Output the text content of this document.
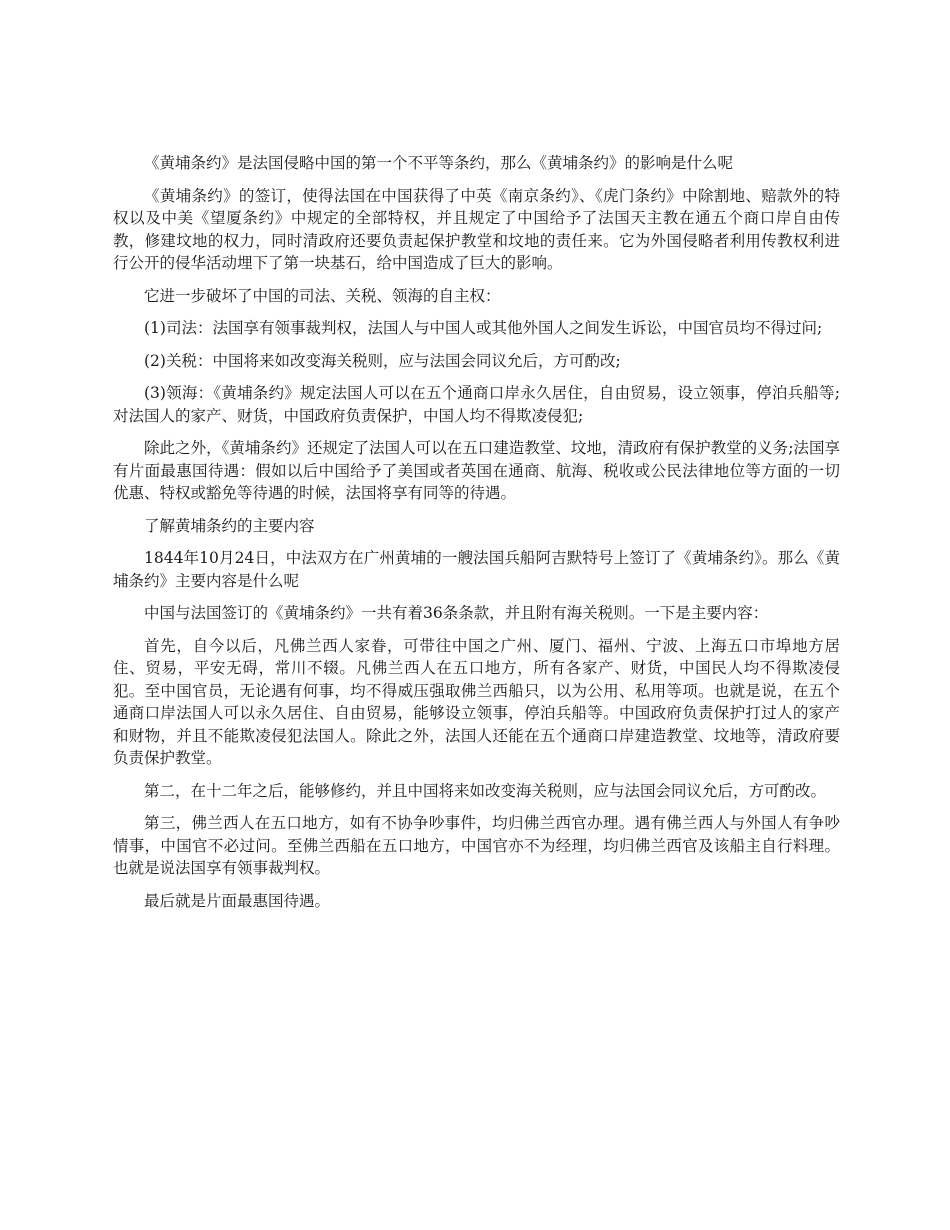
《黄埔条约》是法国侵略中国的第一个不平等条约，那么《黄埔条约》的影响是什么呢

《黄埔条约》的签订，使得法国在中国获得了中英《南京条约》、《虎门条约》中除割地、赔款外的特权以及中美《望厦条约》中规定的全部特权，并且规定了中国给予了法国天主教在通五个商口岸自由传教，修建坟地的权力，同时清政府还要负责起保护教堂和坟地的责任来。它为外国侵略者利用传教权利进行公开的侵华活动埋下了第一块基石，给中国造成了巨大的影响。

它进一步破坏了中国的司法、关税、领海的自主权：

(1)司法：法国享有领事裁判权，法国人与中国人或其他外国人之间发生诉讼，中国官员均不得过问;

(2)关税：中国将来如改变海关税则，应与法国会同议允后，方可酌改;

(3)领海：《黄埔条约》规定法国人可以在五个通商口岸永久居住，自由贸易，设立领事，停泊兵船等;对法国人的家产、财货，中国政府负责保护，中国人均不得欺凌侵犯;

除此之外，《黄埔条约》还规定了法国人可以在五口建造教堂、坟地，清政府有保护教堂的义务;法国享有片面最惠国待遇：假如以后中国给予了美国或者英国在通商、航海、税收或公民法律地位等方面的一切优惠、特权或豁免等待遇的时候，法国将享有同等的待遇。

了解黄埔条约的主要内容

1844年10月24日，中法双方在广州黄埔的一艘法国兵船阿吉默特号上签订了《黄埔条约》。那么《黄埔条约》主要内容是什么呢

中国与法国签订的《黄埔条约》一共有着36条条款，并且附有海关税则。一下是主要内容：

首先，自今以后，凡佛兰西人家眷，可带往中国之广州、厦门、福州、宁波、上海五口市埠地方居住、贸易，平安无碍，常川不辍。凡佛兰西人在五口地方，所有各家产、财货，中国民人均不得欺凌侵犯。至中国官员，无论遇有何事，均不得威压强取佛兰西船只，以为公用、私用等项。也就是说，在五个通商口岸法国人可以永久居住、自由贸易，能够设立领事，停泊兵船等。中国政府负责保护打过人的家产和财物，并且不能欺凌侵犯法国人。除此之外，法国人还能在五个通商口岸建造教堂、坟地等，清政府要负责保护教堂。

第二，在十二年之后，能够修约，并且中国将来如改变海关税则，应与法国会同议允后，方可酌改。

第三，佛兰西人在五口地方，如有不协争吵事件，均归佛兰西官办理。遇有佛兰西人与外国人有争吵情事，中国官不必过问。至佛兰西船在五口地方，中国官亦不为经理，均归佛兰西官及该船主自行料理。也就是说法国享有领事裁判权。

最后就是片面最惠国待遇。
